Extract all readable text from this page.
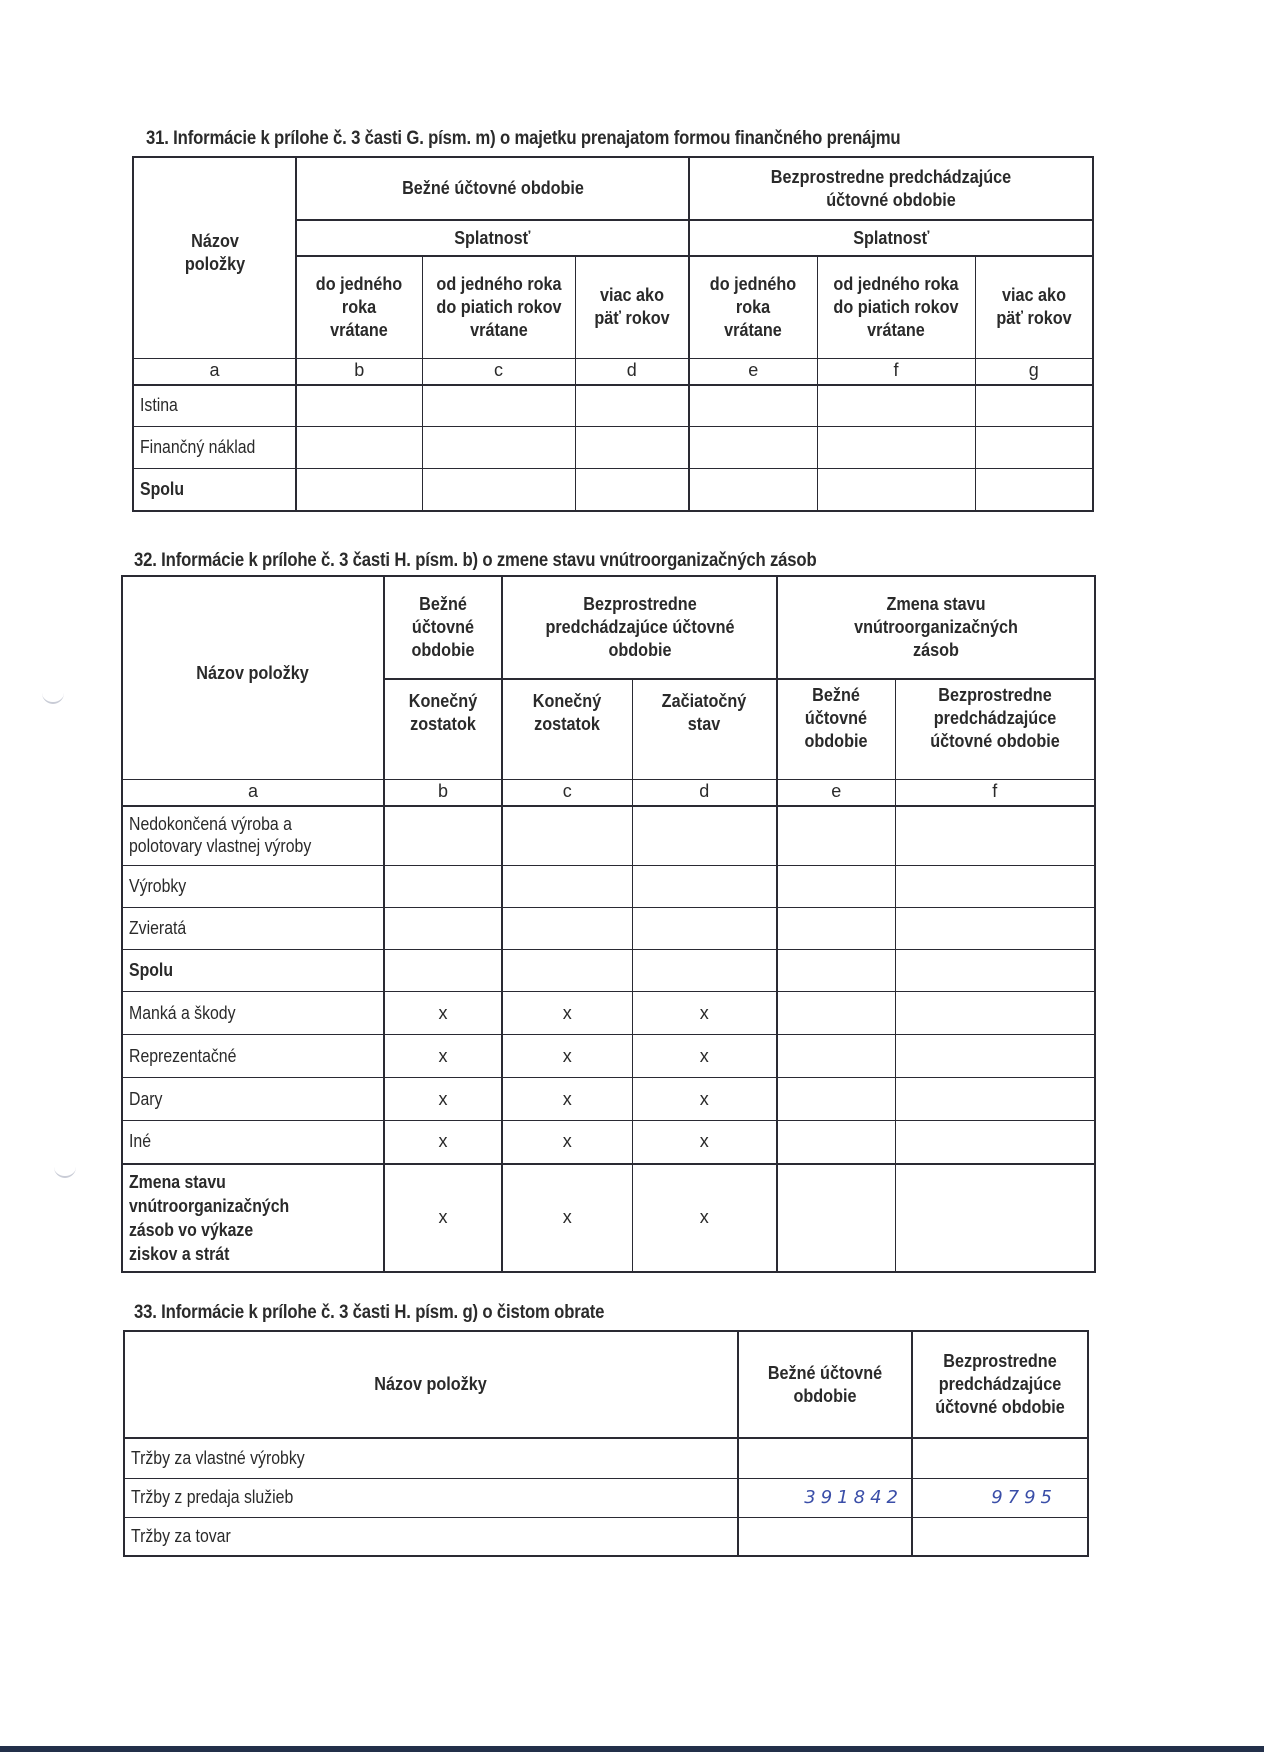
31. Informácie k prílohe č. 3 časti G. písm. m) o majetku prenajatom formou finančného prenájmu
Názov položky	Bežné účtovné obdobie			Bezprostredne predchádzajúce účtovné obdobie		
	Splatnosť			Splatnosť		
	do jedného roka vrátane	od jedného roka do piatich rokov vrátane	viac ako päť rokov	do jedného roka vrátane	od jedného roka do piatich rokov vrátane	viac ako päť rokov
a	b	c	d	e	f	g
Istina						
Finančný náklad						
Spolu						
32. Informácie k prílohe č. 3 časti H. písm. b) o zmene stavu vnútroorganizačných zásob
Názov položky	Bežné účtovné obdobie	Bezprostredne predchádzajúce účtovné obdobie		Zmena stavu vnútroorganizačných zásob	
	Konečný zostatok	Konečný zostatok	Začiatočný stav	Bežné účtovné obdobie	Bezprostredne predchádzajúce účtovné obdobie

a	b	c	d	e	f
Nedokončená výroba a polotovary vlastnej výroby					
Výrobky					
Zvieratá					
Spolu					
Manká a škody	x	x	x		
Reprezentačné	x	x	x		
Dary	x	x	x		
Iné	x	x	x		
Zmena stavu vnútroorganizačných zásob vo výkaze ziskov a strát	x	x	x		
33. Informácie k prílohe č. 3 časti H. písm. g) o čistom obrate
Názov položky	Bežné účtovné obdobie	Bezprostredne predchádzajúce účtovné obdobie
Tržby za vlastné výrobky		
Tržby z predaja služieb	391842	9795
Tržby za tovar		
